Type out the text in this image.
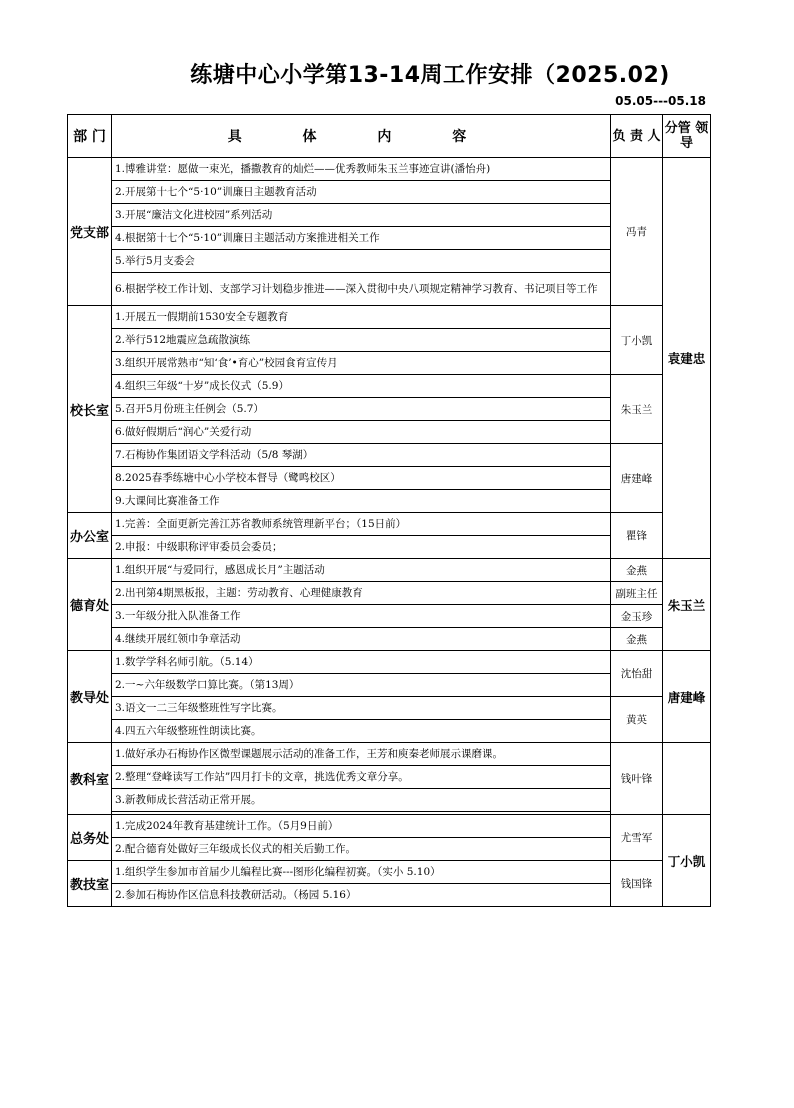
练塘中心小学第13-14周工作安排（2025.02)
05.05---05.18
部 门	具 体 内 容	负 责 人	分管 领导
党支部	1.博雅讲堂：愿做一束光，播撒教育的灿烂——优秀教师朱玉兰事迹宣讲(潘怡舟)	冯青	袁建忠
	2.开展第十七个“5·10”训廉日主题教育活动		
	3.开展“廉洁文化进校园”系列活动		
	4.根据第十七个“5·10”训廉日主题活动方案推进相关工作		
	5.举行5月支委会		
	6.根据学校工作计划、支部学习计划稳步推进——深入贯彻中央八项规定精神学习教育、书记项目等工作		
校长室	1.开展五一假期前1530安全专题教育	丁小凯	
	2.举行512地震应急疏散演练		
	3.组织开展常熟市“知‘食’•育心”校园食育宣传月		
	4.组织三年级“十岁”成长仪式（5.9）	朱玉兰	
	5.召开5月份班主任例会（5.7）		
	6.做好假期后“润心”关爱行动		
	7.石梅协作集团语文学科活动（5/8 琴湖）	唐建峰	
	8.2025春季练塘中心小学校本督导（鹭鸣校区）		
	9.大课间比赛准备工作		
办公室	1.完善：全面更新完善江苏省教师系统管理新平台；（15日前）	瞿锋	
	2.申报：中级职称评审委员会委员；		
德育处	1.组织开展“与爱同行，感恩成长月”主题活动	金燕	朱玉兰
	2.出刊第4期黑板报，主题：劳动教育、心理健康教育	副班主任	
	3.一年级分批入队准备工作	金玉珍	
	4.继续开展红领巾争章活动	金燕	
教导处	1.数学学科名师引航。（5.14）	沈怡甜	唐建峰
	2.一~六年级数学口算比赛。（第13周）		
	3.语文一二三年级整班性写字比赛。	黄英	
	4.四五六年级整班性朗读比赛。		
教科室	1.做好承办石梅协作区微型课题展示活动的准备工作，王芳和庾秦老师展示课磨课。	钱叶锋	
	2.整理“登峰读写工作站”四月打卡的文章，挑选优秀文章分享。		
	3.新教师成长营活动正常开展。		

总务处	1.完成2024年教育基建统计工作。（5月9日前）	尤雪军	丁小凯
	2.配合德育处做好三年级成长仪式的相关后勤工作。		
教技室	1.组织学生参加市首届少儿编程比赛---图形化编程初赛。（实小 5.10）	钱国锋	
	2.参加石梅协作区信息科技教研活动。（杨园 5.16）		
